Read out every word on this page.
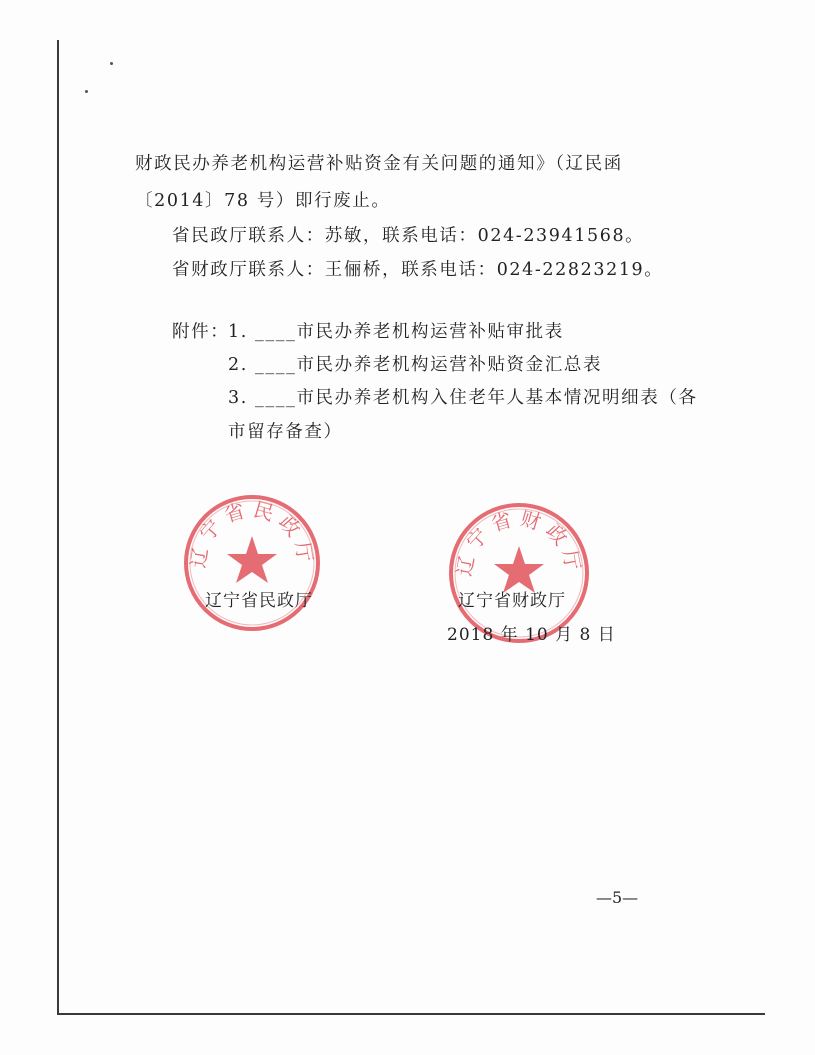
财政民办养老机构运营补贴资金有关问题的通知》（辽民函
〔2014〕78 号）即行废止。
省民政厅联系人：苏敏，联系电话：024-23941568。
省财政厅联系人：王俪桥，联系电话：024-22823219。
附件：
1. ____市民办养老机构运营补贴审批表
2. ____市民办养老机构运营补贴资金汇总表
3. ____市民办养老机构入住老年人基本情况明细表（各
市留存备查）
辽宁省民政厅
辽宁省民政厅
辽宁省财政厅
辽宁省财政厅
2018 年 10 月 8 日
—5—
